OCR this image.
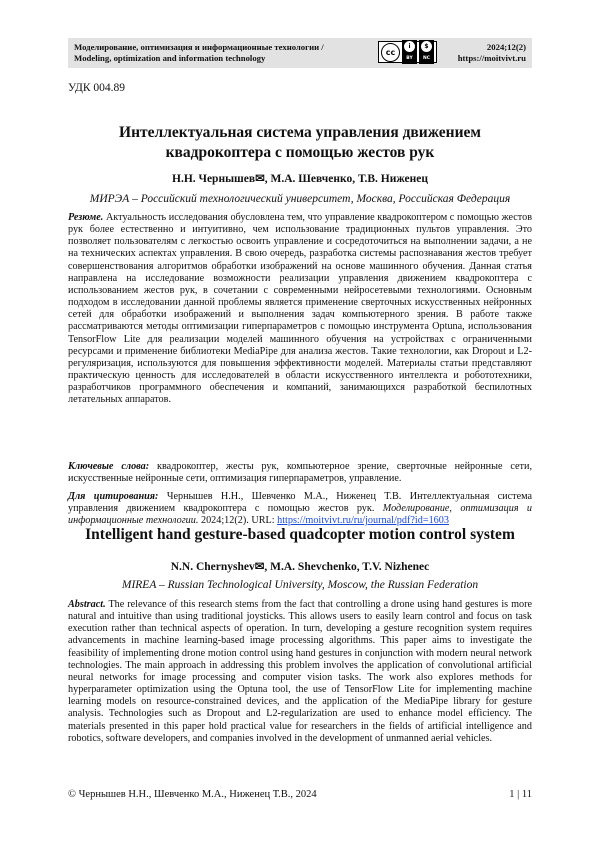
Моделирование, оптимизация и информационные технологии /
Modeling, optimization and information technology
cc
i
BY
$
NC
2024;12(2)
https://moitvivt.ru
УДК 004.89
Интеллектуальная система управления движением квадрокоптера с помощью жестов рук
Н.Н. Чернышев✉, М.А. Шевченко, Т.В. Ниженец
МИРЭА – Российский технологический университет, Москва, Российская Федерация
Резюме. Актуальность исследования обусловлена тем, что управление квадрокоптером с помощью жестов рук более естественно и интуитивно, чем использование традиционных пультов управления. Это позволяет пользователям с легкостью освоить управление и сосредоточиться на выполнении задачи, а не на технических аспектах управления. В свою очередь, разработка системы распознавания жестов требует совершенствования алгоритмов обработки изображений на основе машинного обучения. Данная статья направлена на исследование возможности реализации управления движением квадрокоптера с использованием жестов рук, в сочетании с современными нейросетевыми технологиями. Основным подходом в исследовании данной проблемы является применение сверточных искусственных нейронных сетей для обработки изображений и выполнения задач компьютерного зрения. В работе также рассматриваются методы оптимизации гиперпараметров с помощью инструмента Optuna, использования TensorFlow Lite для реализации моделей машинного обучения на устройствах с ограниченными ресурсами и применение библиотеки MediaPipe для анализа жестов. Такие технологии, как Dropout и L2-регуляризация, используются для повышения эффективности моделей. Материалы статьи представляют практическую ценность для исследователей в области искусственного интеллекта и робототехники, разработчиков программного обеспечения и компаний, занимающихся разработкой беспилотных летательных аппаратов.
Ключевые слова: квадрокоптер, жесты рук, компьютерное зрение, сверточные нейронные сети, искусственные нейронные сети, оптимизация гиперпараметров, управление.
Для цитирования: Чернышев Н.Н., Шевченко М.А., Ниженец Т.В. Интеллектуальная система управления движением квадрокоптера с помощью жестов рук. Моделирование, оптимизация и информационные технологии. 2024;12(2). URL: https://moitvivt.ru/ru/journal/pdf?id=1603
Intelligent hand gesture-based quadcopter motion control system
N.N. Chernyshev✉, M.A. Shevchenko, T.V. Nizhenec
MIREA – Russian Technological University, Moscow, the Russian Federation
Abstract. The relevance of this research stems from the fact that controlling a drone using hand gestures is more natural and intuitive than using traditional joysticks. This allows users to easily learn control and focus on task execution rather than technical aspects of operation. In turn, developing a gesture recognition system requires advancements in machine learning-based image processing algorithms. This paper aims to investigate the feasibility of implementing drone motion control using hand gestures in conjunction with modern neural network technologies. The main approach in addressing this problem involves the application of convolutional artificial neural networks for image processing and computer vision tasks. The work also explores methods for hyperparameter optimization using the Optuna tool, the use of TensorFlow Lite for implementing machine learning models on resource-constrained devices, and the application of the MediaPipe library for gesture analysis. Technologies such as Dropout and L2-regularization are used to enhance model efficiency. The materials presented in this paper hold practical value for researchers in the fields of artificial intelligence and robotics, software developers, and companies involved in the development of unmanned aerial vehicles.
© Чернышев Н.Н., Шевченко М.А., Ниженец Т.В., 2024	1 | 11
